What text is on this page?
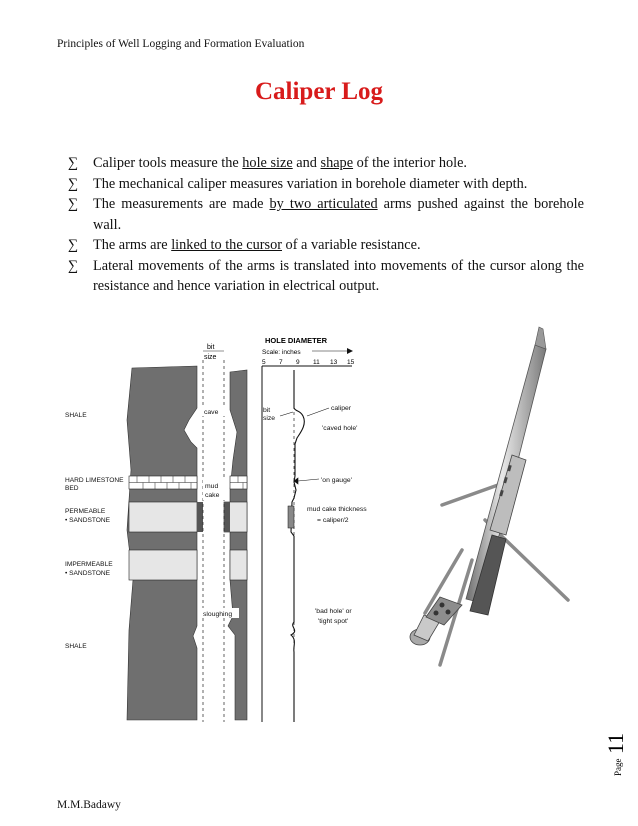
Principles of Well Logging and Formation Evaluation
Caliper Log
∑ Caliper tools measure the hole size and shape of the interior hole.
∑ The mechanical caliper measures variation in borehole diameter with depth.
∑ The measurements are made by two articulated arms pushed against the borehole wall.
∑ The arms are linked to the cursor of a variable resistance.
∑ Lateral movements of the arms is translated into movements of the cursor along the resistance and hence variation in electrical output.
bit
size
SHALE
HARD LIMESTONE
BED
PERMEABLE
• SANDSTONE
IMPERMEABLE
• SANDSTONE
SHALE
cave
mud
cake
sloughing
HOLE DIAMETER
Scale: inches
5 7 9 11 13 15
bit
size
caliper
'caved hole'
'on gauge'
mud cake thickness
= caliper/2
'bad hole' or
'tight spot'
Page
11
M.M.Badawy
